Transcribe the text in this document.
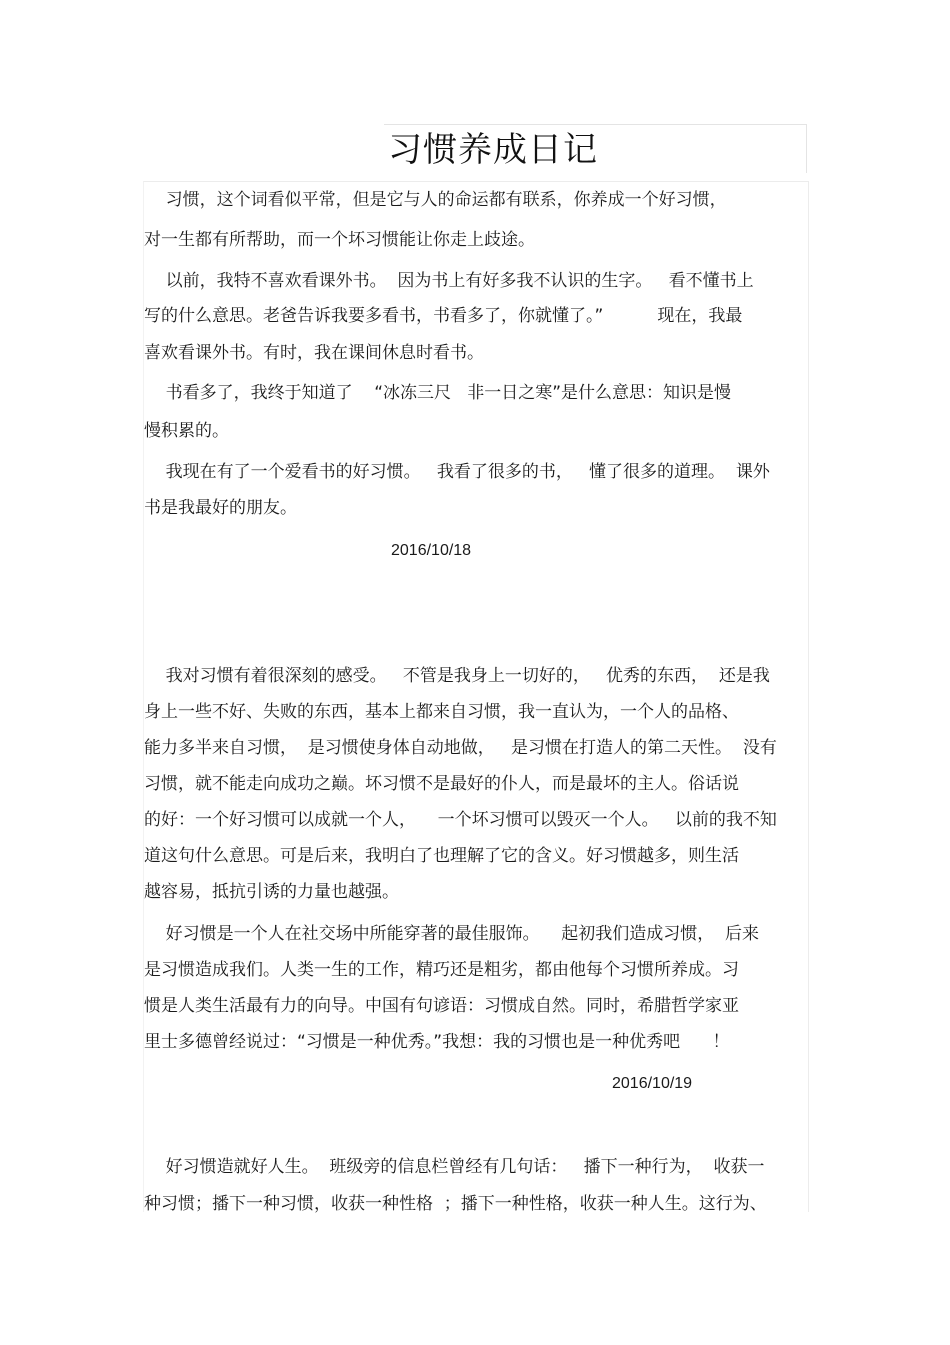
习惯养成日记
习惯，这个词看似平常，但是它与人的命运都有联系，你养成一个好习惯，
对一生都有所帮助，而一个坏习惯能让你走上歧途。
以前，我特不喜欢看课外书。  因为书上有好多我不认识的生字。   看不懂书上
写的什么意思。老爸告诉我要多看书，书看多了，你就懂了。”          现在，我最
喜欢看课外书。有时，我在课间休息时看书。
书看多了，我终于知道了    “冰冻三尺   非一日之寒”是什么意思：知识是慢
慢积累的。
我现在有了一个爱看书的好习惯。   我看了很多的书，   懂了很多的道理。  课外
书是我最好的朋友。
2016/10/18
我对习惯有着很深刻的感受。   不管是我身上一切好的，   优秀的东西，  还是我
身上一些不好、失败的东西，基本上都来自习惯，我一直认为，一个人的品格、
能力多半来自习惯，  是习惯使身体自动地做，   是习惯在打造人的第二天性。  没有
习惯，就不能走向成功之巅。坏习惯不是最好的仆人，而是最坏的主人。俗话说
的好：一个好习惯可以成就一个人，    一个坏习惯可以毁灭一个人。   以前的我不知
道这句什么意思。可是后来，我明白了也理解了它的含义。好习惯越多，则生活
越容易，抵抗引诱的力量也越强。
好习惯是一个人在社交场中所能穿著的最佳服饰。    起初我们造成习惯，  后来
是习惯造成我们。人类一生的工作，精巧还是粗劣，都由他每个习惯所养成。习
惯是人类生活最有力的向导。中国有句谚语：习惯成自然。同时，希腊哲学家亚
里士多德曾经说过：“习惯是一种优秀。”我想：我的习惯也是一种优秀吧      ！
2016/10/19
好习惯造就好人生。  班级旁的信息栏曾经有几句话：   播下一种行为，  收获一
种习惯；播下一种习惯，收获一种性格  ；播下一种性格，收获一种人生。这行为、
